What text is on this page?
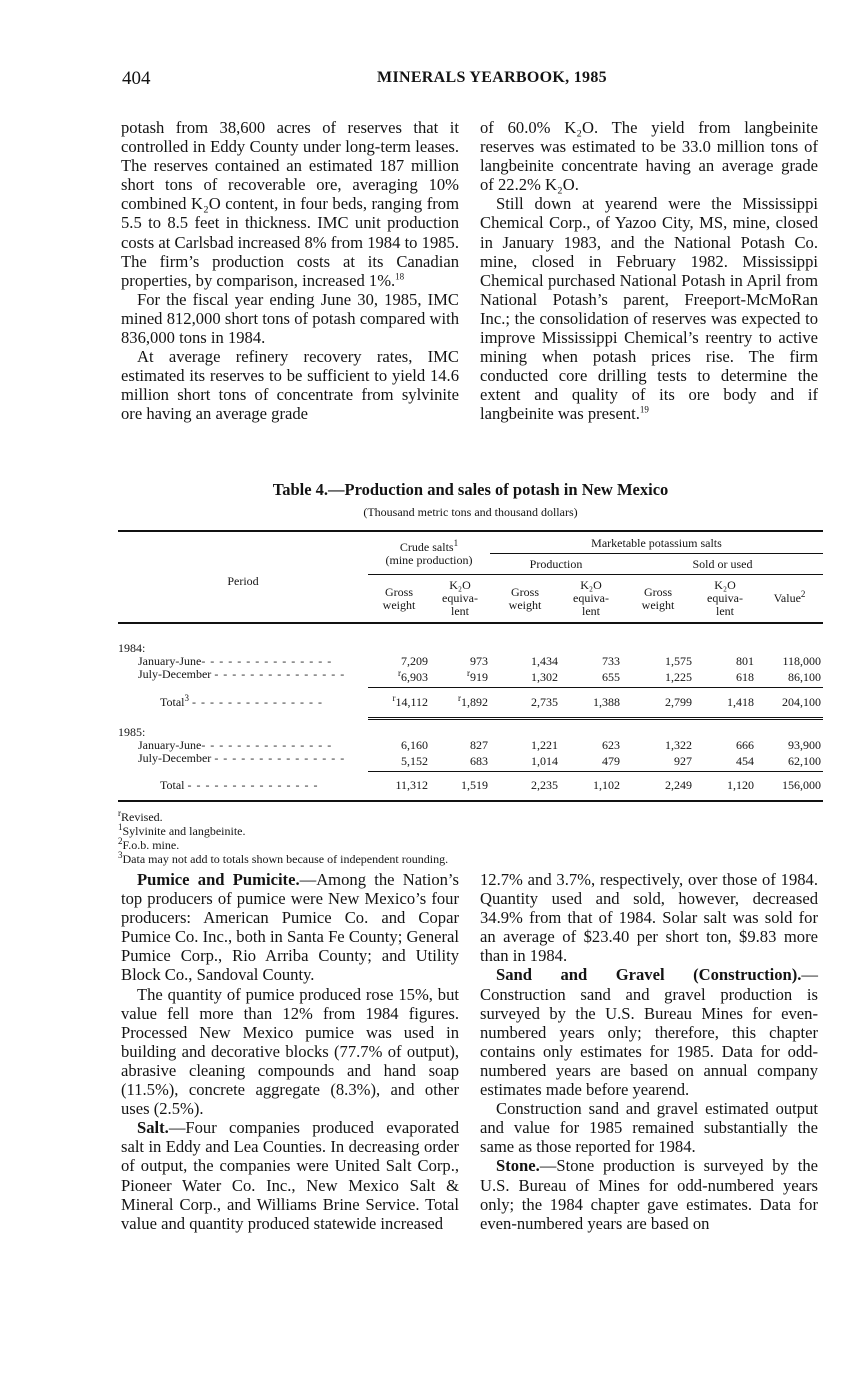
404	MINERALS YEARBOOK, 1985

potash from 38,600 acres of reserves that it controlled in Eddy County under long-term leases. The reserves contained an estimated 187 million short tons of recoverable ore, averaging 10% combined K₂O content, in four beds, ranging from 5.5 to 8.5 feet in thickness. IMC unit production costs at Carlsbad increased 8% from 1984 to 1985. The firm’s production costs at its Canadian properties, by comparison, increased 1%.$^{18}$

For the fiscal year ending June 30, 1985, IMC mined 812,000 short tons of potash compared with 836,000 tons in 1984.

At average refinery recovery rates, IMC estimated its reserves to be sufficient to yield 14.6 million short tons of concentrate from sylvinite ore having an average grade

of 60.0% K₂O. The yield from langbeinite reserves was estimated to be 33.0 million tons of langbeinite concentrate having an average grade of 22.2% K₂O.

Still down at yearend were the Mississippi Chemical Corp., of Yazoo City, MS, mine, closed in January 1983, and the National Potash Co. mine, closed in February 1982. Mississippi Chemical purchased National Potash in April from National Potash’s parent, Freeport-McMoRan Inc.; the consolidation of reserves was expected to improve Mississippi Chemical’s reentry to active mining when potash prices rise. The firm conducted core drilling tests to determine the extent and quality of its ore body and if langbeinite was present.$^{19}$

Table 4.—Production and sales of potash in New Mexico
(Thousand metric tons and thousand dollars)
Period	Crude salts$^1$
(mine production)		Marketable potassium salts				
			Production		Sold or used		
	Gross weight	K₂O equiva- lent	Gross weight	K₂O equiva- lent	Gross weight	K₂O equiva- lent	Value$^2$
1984:							
January-June- - - - - - - - - - - - - - -	7,209	973	1,434	733	1,575	801	118,000
July-December - - - - - - - - - - - - - - -	$^r$6,903	$^r$919	1,302	655	1,225	618	86,100
Total$^3$ - - - - - - - - - - - - - - -	$^r$14,112	$^r$1,892	2,735	1,388	2,799	1,418	204,100
1985:							
January-June- - - - - - - - - - - - - - -	6,160	827	1,221	623	1,322	666	93,900
July-December - - - - - - - - - - - - - - -	5,152	683	1,014	479	927	454	62,100
Total - - - - - - - - - - - - - - -	11,312	1,519	2,235	1,102	2,249	1,120	156,000
$^r$Revised.
$^1$Sylvinite and langbeinite.
$^2$F.o.b. mine.
$^3$Data may not add to totals shown because of independent rounding.

Pumice and Pumicite.—Among the Nation’s top producers of pumice were New Mexico’s four producers: American Pumice Co. and Copar Pumice Co. Inc., both in Santa Fe County; General Pumice Corp., Rio Arriba County; and Utility Block Co., Sandoval County.

The quantity of pumice produced rose 15%, but value fell more than 12% from 1984 figures. Processed New Mexico pumice was used in building and decorative blocks (77.7% of output), abrasive cleaning compounds and hand soap (11.5%), concrete aggregate (8.3%), and other uses (2.5%).

Salt.—Four companies produced evaporated salt in Eddy and Lea Counties. In decreasing order of output, the companies were United Salt Corp., Pioneer Water Co. Inc., New Mexico Salt & Mineral Corp., and Williams Brine Service. Total value and quantity produced statewide increased

12.7% and 3.7%, respectively, over those of 1984. Quantity used and sold, however, decreased 34.9% from that of 1984. Solar salt was sold for an average of $23.40 per short ton, $9.83 more than in 1984.

Sand and Gravel (Construction).—Construction sand and gravel production is surveyed by the U.S. Bureau Mines for even-numbered years only; therefore, this chapter contains only estimates for 1985. Data for odd-numbered years are based on annual company estimates made before yearend.

Construction sand and gravel estimated output and value for 1985 remained substantially the same as those reported for 1984.

Stone.—Stone production is surveyed by the U.S. Bureau of Mines for odd-numbered years only; the 1984 chapter gave estimates. Data for even-numbered years are based on
